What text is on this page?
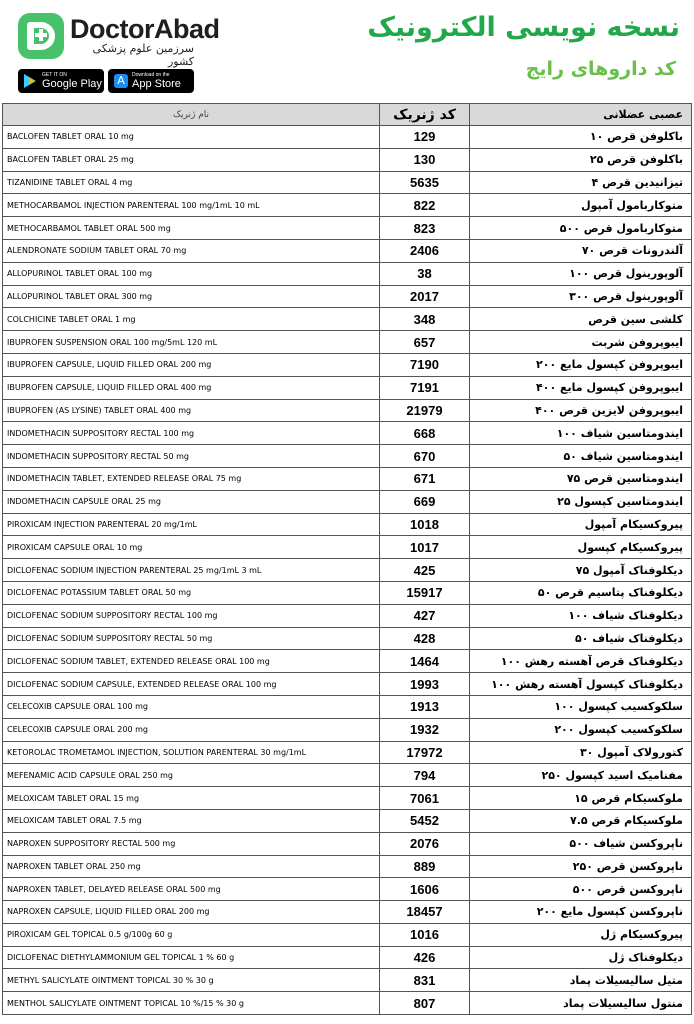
DoctorAbad
سرزمین علوم پزشکی کشور
GET IT ON
Google Play A	Download on the
App Store
نسخه نویسی الکترونیک
کد داروهای رایج
نام ژنریک	کد ژنریک	عصبی عضلانی
BACLOFEN TABLET ORAL 10 mg	129	باکلوفن قرص ۱۰
BACLOFEN TABLET ORAL 25 mg	130	باکلوفن قرص ۲۵
TIZANIDINE TABLET ORAL 4 mg	5635	تیزانیدین قرص ۴
METHOCARBAMOL INJECTION PARENTERAL 100 mg/1mL 10 mL	822	متوکاربامول آمپول
METHOCARBAMOL TABLET ORAL 500 mg	823	متوکاربامول قرص ۵۰۰
ALENDRONATE SODIUM TABLET ORAL 70 mg	2406	آلندرونات قرص ۷۰
ALLOPURINOL TABLET ORAL 100 mg	38	آلوپورینول قرص ۱۰۰
ALLOPURINOL TABLET ORAL 300 mg	2017	آلوپورینول قرص ۳۰۰
COLCHICINE TABLET ORAL 1 mg	348	کلشی سین قرص
IBUPROFEN SUSPENSION ORAL 100 mg/5mL 120 mL	657	ایبوپروفن شربت
IBUPROFEN CAPSULE, LIQUID FILLED ORAL 200 mg	7190	ایبوپروفن کپسول مایع ۲۰۰
IBUPROFEN CAPSULE, LIQUID FILLED ORAL 400 mg	7191	ایبوپروفن کپسول مایع ۴۰۰
IBUPROFEN (AS LYSINE) TABLET ORAL 400 mg	21979	ایبوپروفن لایزین قرص ۴۰۰
INDOMETHACIN SUPPOSITORY RECTAL 100 mg	668	ایندومتاسین شیاف ۱۰۰
INDOMETHACIN SUPPOSITORY RECTAL 50 mg	670	ایندومتاسین شیاف ۵۰
INDOMETHACIN TABLET, EXTENDED RELEASE ORAL 75 mg	671	ایندومتاسین قرص ۷۵
INDOMETHACIN CAPSULE ORAL 25 mg	669	ایندومتاسین کپسول ۲۵
PIROXICAM INJECTION PARENTERAL 20 mg/1mL	1018	پیروکسیکام آمپول
PIROXICAM CAPSULE ORAL 10 mg	1017	پیروکسیکام کپسول
DICLOFENAC SODIUM INJECTION PARENTERAL 25 mg/1mL 3 mL	425	دیکلوفناک آمپول ۷۵
DICLOFENAC POTASSIUM TABLET ORAL 50 mg	15917	دیکلوفناک پتاسیم قرص ۵۰
DICLOFENAC SODIUM SUPPOSITORY RECTAL 100 mg	427	دیکلوفناک شیاف ۱۰۰
DICLOFENAC SODIUM SUPPOSITORY RECTAL 50 mg	428	دیکلوفناک شیاف ۵۰
DICLOFENAC SODIUM TABLET, EXTENDED RELEASE ORAL 100 mg	1464	دیکلوفناک قرص آهسته رهش ۱۰۰
DICLOFENAC SODIUM CAPSULE, EXTENDED RELEASE ORAL 100 mg	1993	دیکلوفناک کپسول آهسته رهش ۱۰۰
CELECOXIB CAPSULE ORAL 100 mg	1913	سلکوکسیب کپسول ۱۰۰
CELECOXIB CAPSULE ORAL 200 mg	1932	سلکوکسیب کپسول ۲۰۰
KETOROLAC TROMETAMOL INJECTION, SOLUTION PARENTERAL 30 mg/1mL	17972	کتورولاک آمپول ۳۰
MEFENAMIC ACID CAPSULE ORAL 250 mg	794	مفنامیک اسید کپسول ۲۵۰
MELOXICAM TABLET ORAL 15 mg	7061	ملوکسیکام قرص ۱۵
MELOXICAM TABLET ORAL 7.5 mg	5452	ملوکسیکام قرص ۷.۵
NAPROXEN SUPPOSITORY RECTAL 500 mg	2076	ناپروکسن شیاف ۵۰۰
NAPROXEN TABLET ORAL 250 mg	889	ناپروکسن قرص ۲۵۰
NAPROXEN TABLET, DELAYED RELEASE ORAL 500 mg	1606	ناپروکسن قرص ۵۰۰
NAPROXEN CAPSULE, LIQUID FILLED ORAL 200 mg	18457	ناپروکسن کپسول مایع ۲۰۰
PIROXICAM GEL TOPICAL 0.5 g/100g 60 g	1016	پیروکسیکام ژل
DICLOFENAC DIETHYLAMMONIUM GEL TOPICAL 1 % 60 g	426	دیکلوفناک ژل
METHYL SALICYLATE OINTMENT TOPICAL 30 % 30 g	831	متیل سالیسیلات پماد
MENTHOL SALICYLATE OINTMENT TOPICAL 10 %/15 % 30 g	807	منتول سالیسیلات پماد
